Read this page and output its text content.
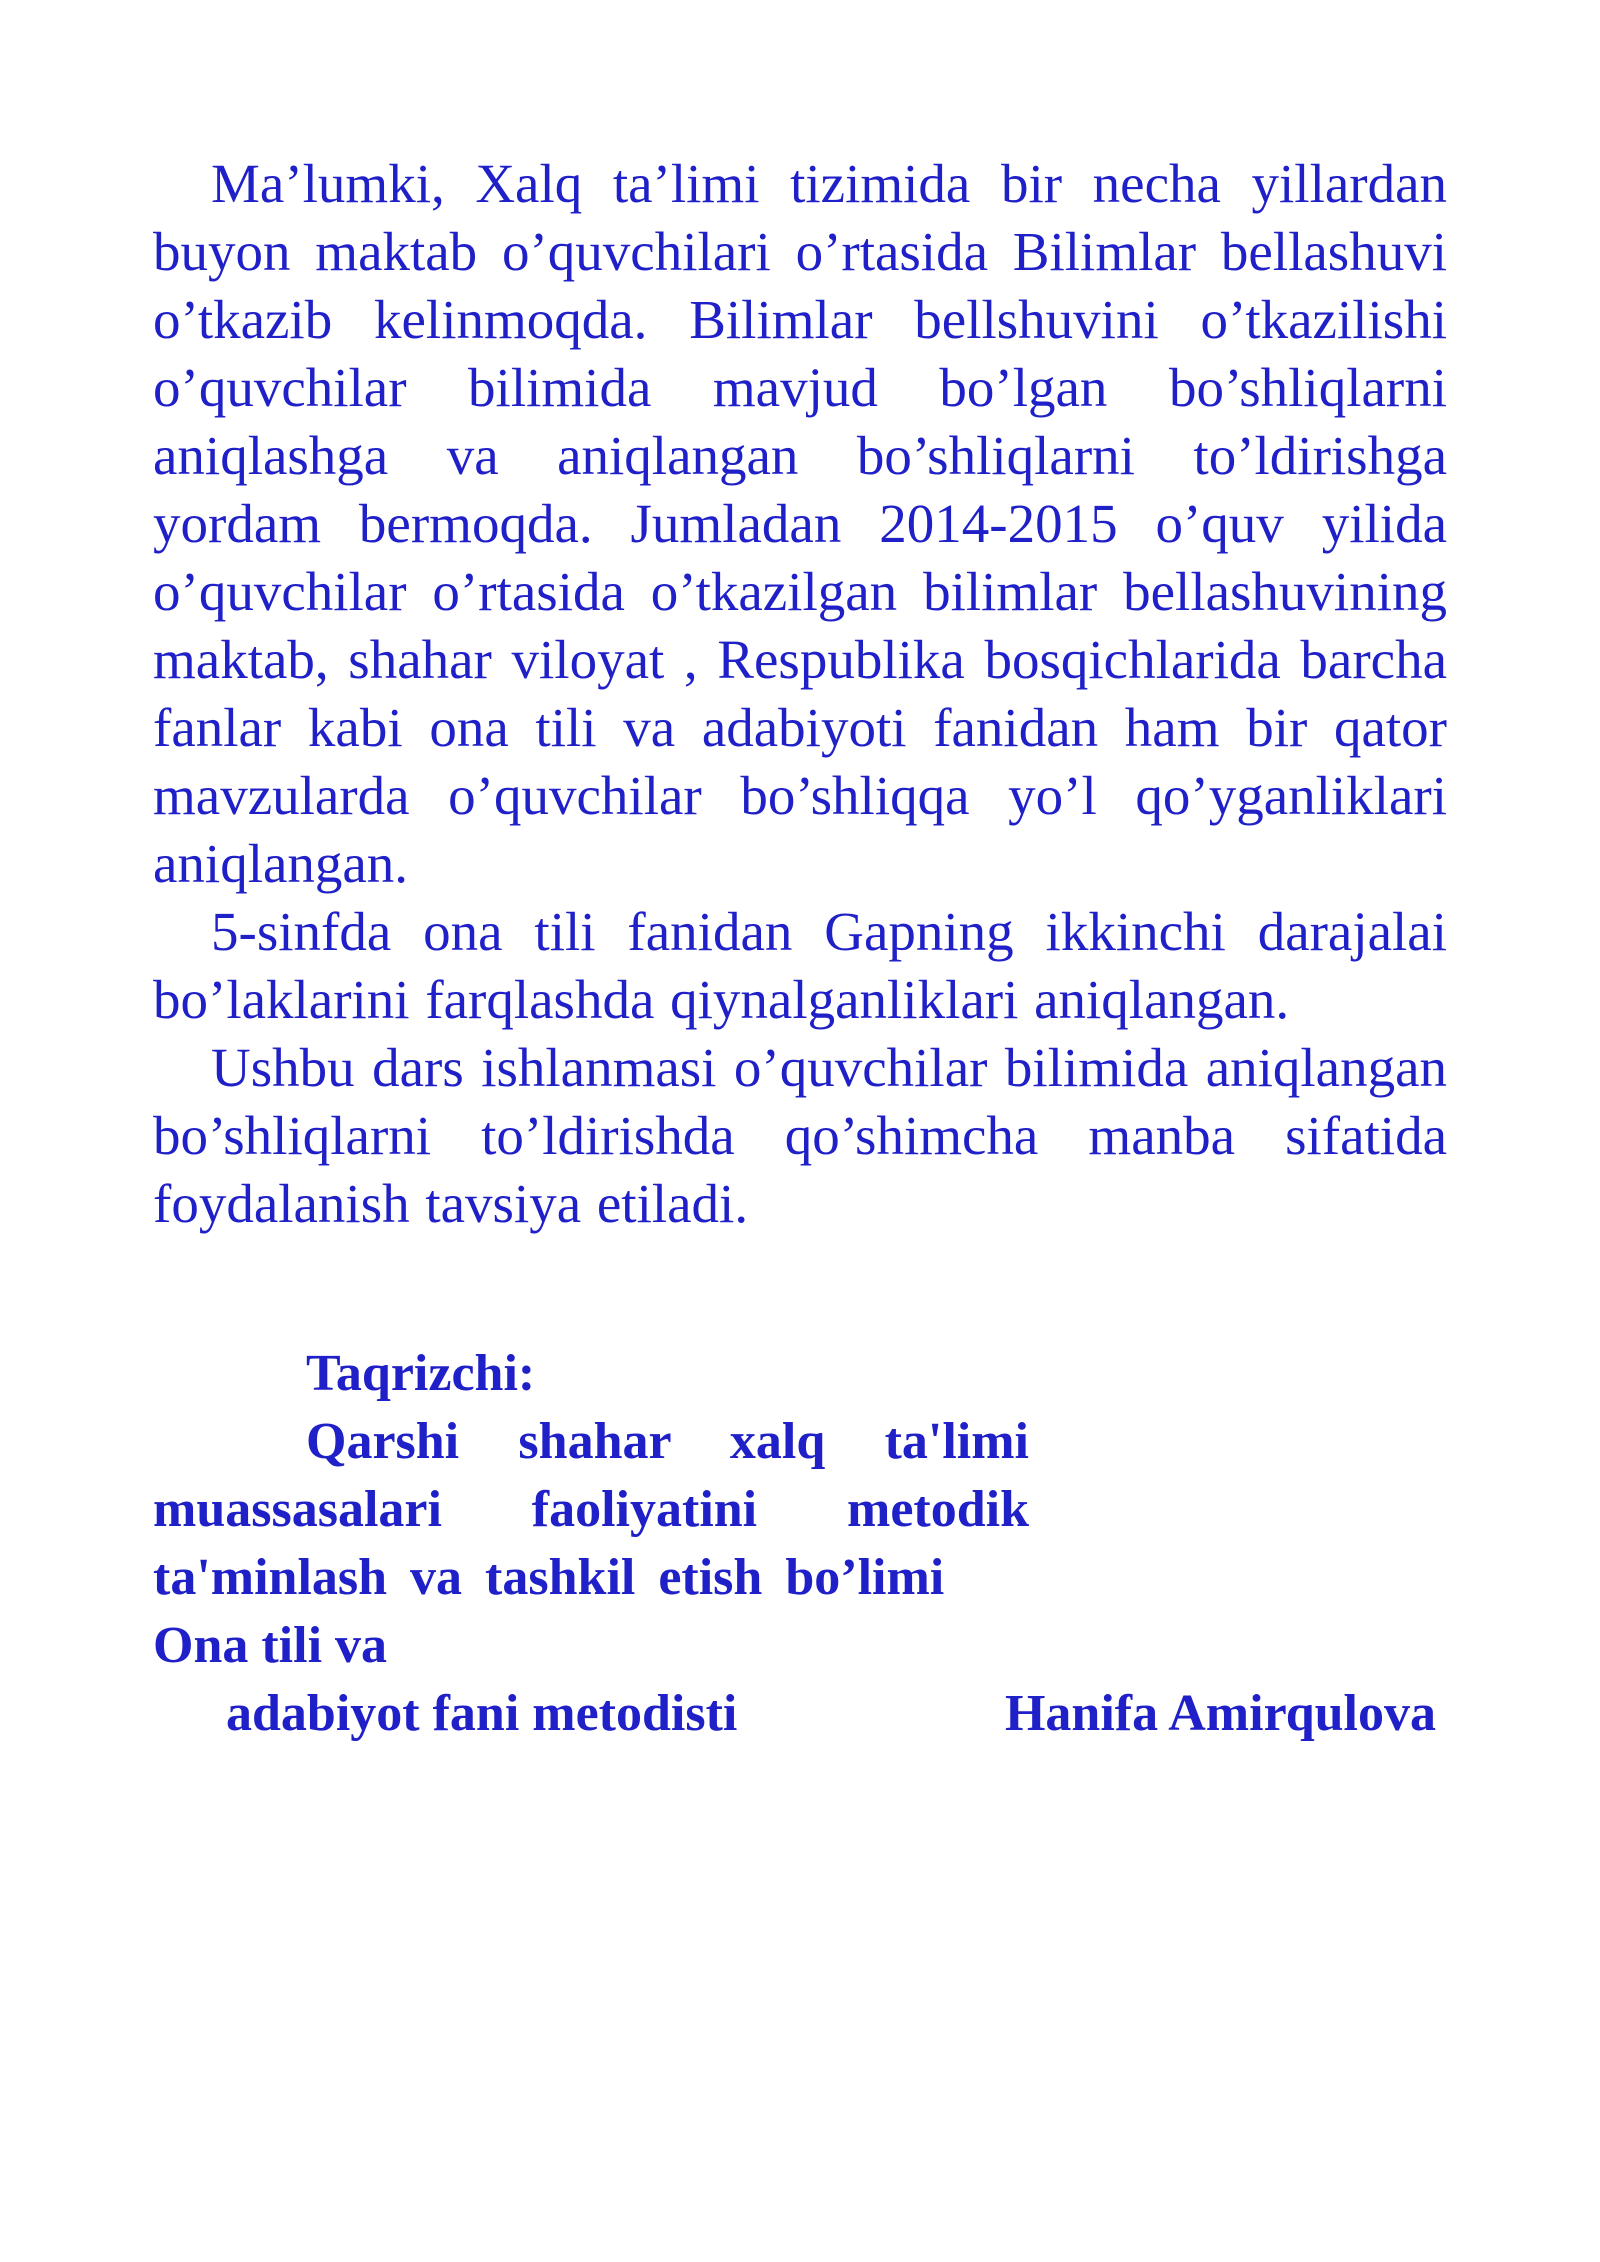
Ma’lumki, Xalq ta’limi tizimida bir necha yillardan buyon maktab o’quvchilari o’rtasida Bilimlar bellashuvi o’tkazib kelinmoqda. Bilimlar bellshuvini o’tkazilishi o’quvchilar bilimida mavjud bo’lgan bo’shliqlarni aniqlashga va aniqlangan bo’shliqlarni to’ldirishga yordam bermoqda. Jumladan 2014-2015 o’quv yilida o’quvchilar o’rtasida o’tkazilgan bilimlar bellashuvining maktab, shahar viloyat , Respublika bosqichlarida barcha fanlar kabi ona tili va adabiyoti fanidan ham bir qator mavzularda o’quvchilar bo’shliqqa yo’l qo’yganliklari aniqlangan.

5-sinfda ona tili fanidan Gapning ikkinchi darajalai bo’laklarini farqlashda qiynalganliklari aniqlangan.

Ushbu dars ishlanmasi o’quvchilar bilimida aniqlangan bo’shliqlarni to’ldirishda qo’shimcha manba sifatida foydalanish tavsiya etiladi.

Taqrizchi:
Qarshi shahar xalq ta'limi muassasalari faoliyatini metodik ta'minlash va tashkil etish bo’limi
Ona tili va
adabiyot fani metodisti	Hanifa Amirqulova
